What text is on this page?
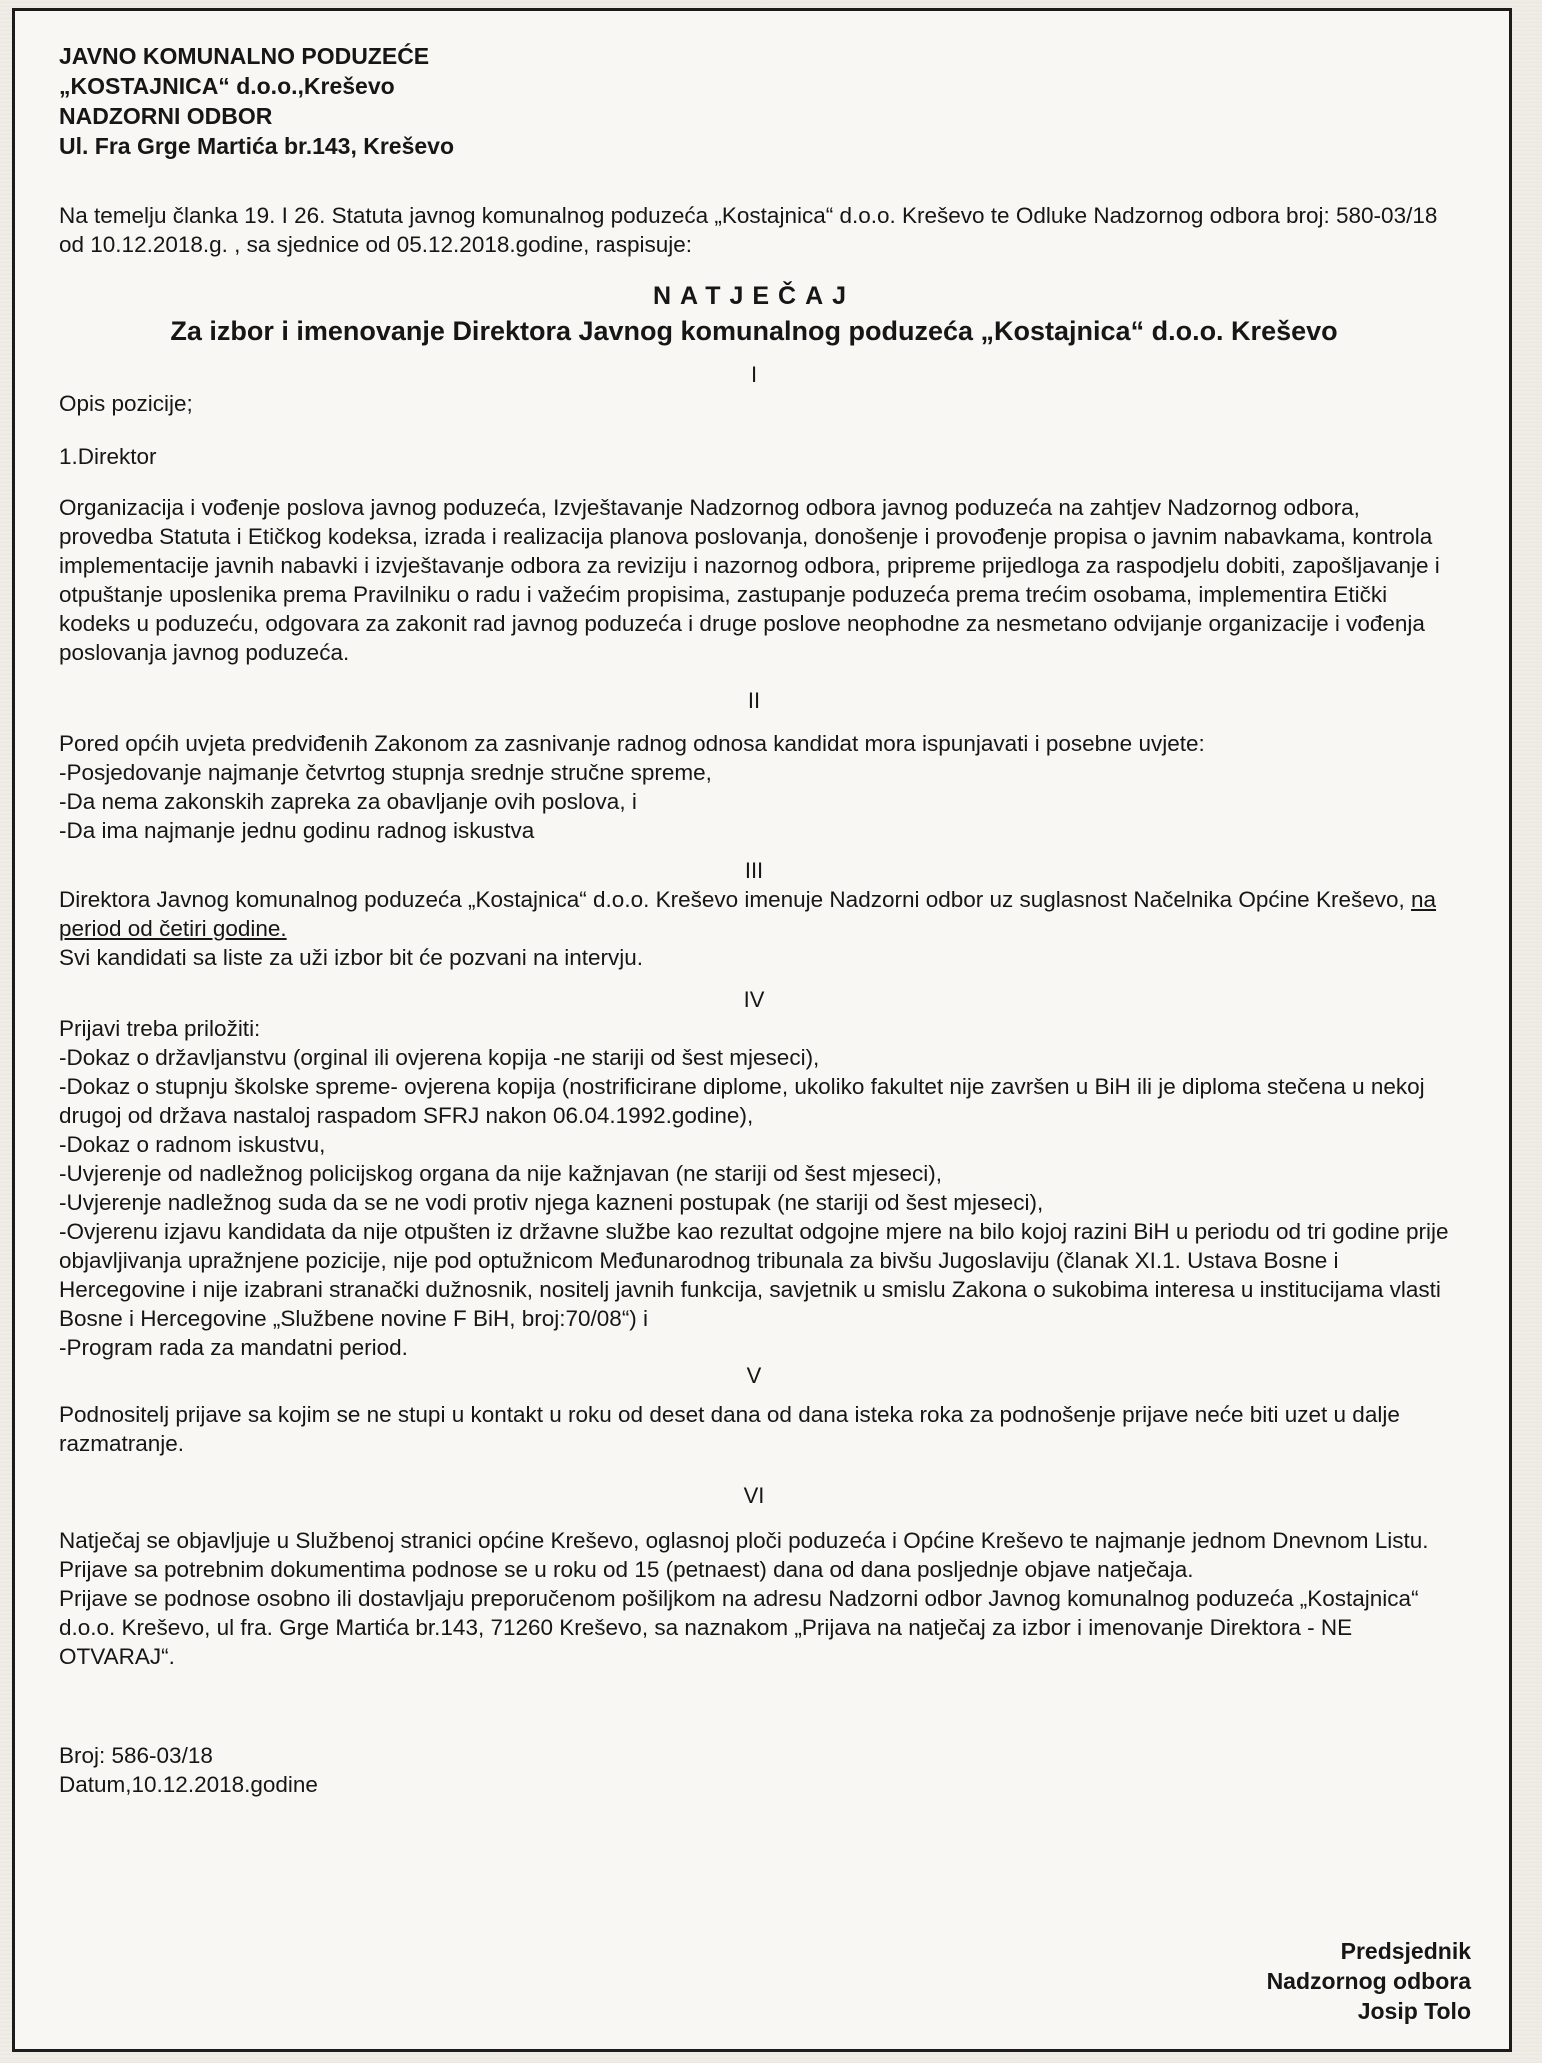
JAVNO KOMUNALNO PODUZEĆE

„KOSTAJNICA“ d.o.o.,Kreševo

NADZORNI ODBOR

Ul. Fra Grge Martića br.143, Kreševo

Na temelju članka 19. I 26. Statuta javnog komunalnog poduzeća „Kostajnica“ d.o.o. Kreševo te Odluke Nadzornog odbora broj: 580-03/18 od 10.12.2018.g. , sa sjednice od 05.12.2018.godine, raspisuje:

NATJEČAJ
Za izbor i imenovanje Direktora Javnog komunalnog poduzeća „Kostajnica“ d.o.o. Kreševo

I

Opis pozicije;

1.Direktor

Organizacija i vođenje poslova javnog poduzeća, Izvještavanje Nadzornog odbora javnog poduzeća na zahtjev Nadzornog odbora, provedba Statuta i Etičkog kodeksa, izrada i realizacija planova poslovanja, donošenje i provođenje propisa o javnim nabavkama, kontrola implementacije javnih nabavki i izvještavanje odbora za reviziju i nazornog odbora, pripreme prijedloga za raspodjelu dobiti, zapošljavanje i otpuštanje uposlenika prema Pravilniku o radu i važećim propisima, zastupanje poduzeća prema trećim osobama, implementira Etički kodeks u poduzeću, odgovara za zakonit rad javnog poduzeća i druge poslove neophodne za nesmetano odvijanje organizacije i vođenja poslovanja javnog poduzeća.

II

Pored općih uvjeta predviđenih Zakonom za zasnivanje radnog odnosa kandidat mora ispunjavati i posebne uvjete:

-Posjedovanje najmanje četvrtog stupnja srednje stručne spreme,

-Da nema zakonskih zapreka za obavljanje ovih poslova, i

-Da ima najmanje jednu godinu radnog iskustva

III

Direktora Javnog komunalnog poduzeća „Kostajnica“ d.o.o. Kreševo imenuje Nadzorni odbor uz suglasnost Načelnika Općine Kreševo, na period od četiri godine.

Svi kandidati sa liste za uži izbor bit će pozvani na intervju.

IV

Prijavi treba priložiti:

-Dokaz o državljanstvu (orginal ili ovjerena kopija -ne stariji od šest mjeseci),

-Dokaz o stupnju školske spreme- ovjerena kopija (nostrificirane diplome, ukoliko fakultet nije završen u BiH ili je diploma stečena u nekoj drugoj od država nastaloj raspadom SFRJ nakon 06.04.1992.godine),

-Dokaz o radnom iskustvu,

-Uvjerenje od nadležnog policijskog organa da nije kažnjavan (ne stariji od šest mjeseci),

-Uvjerenje nadležnog suda da se ne vodi protiv njega kazneni postupak (ne stariji od šest mjeseci),

-Ovjerenu izjavu kandidata da nije otpušten iz državne službe kao rezultat odgojne mjere na bilo kojoj razini BiH u periodu od tri godine prije objavljivanja upražnjene pozicije, nije pod optužnicom Međunarodnog tribunala za bivšu Jugoslaviju (članak XI.1. Ustava Bosne i Hercegovine i nije izabrani stranački dužnosnik, nositelj javnih funkcija, savjetnik u smislu Zakona o sukobima interesa u institucijama vlasti Bosne i Hercegovine „Službene novine F BiH, broj:70/08“) i

-Program rada za mandatni period.

V

Podnositelj prijave sa kojim se ne stupi u kontakt u roku od deset dana od dana isteka roka za podnošenje prijave neće biti uzet u dalje razmatranje.

VI

Natječaj se objavljuje u Službenoj stranici općine Kreševo, oglasnoj ploči poduzeća i Općine Kreševo te najmanje jednom Dnevnom Listu.

Prijave sa potrebnim dokumentima podnose se u roku od 15 (petnaest) dana od dana posljednje objave natječaja.

Prijave se podnose osobno ili dostavljaju preporučenom pošiljkom na adresu Nadzorni odbor Javnog komunalnog poduzeća „Kostajnica“ d.o.o. Kreševo, ul fra. Grge Martića br.143, 71260 Kreševo, sa naznakom „Prijava na natječaj za izbor i imenovanje Direktora - NE OTVARAJ“.

Broj: 586-03/18

Datum,10.12.2018.godine

Predsjednik

Nadzornog odbora

Josip Tolo
